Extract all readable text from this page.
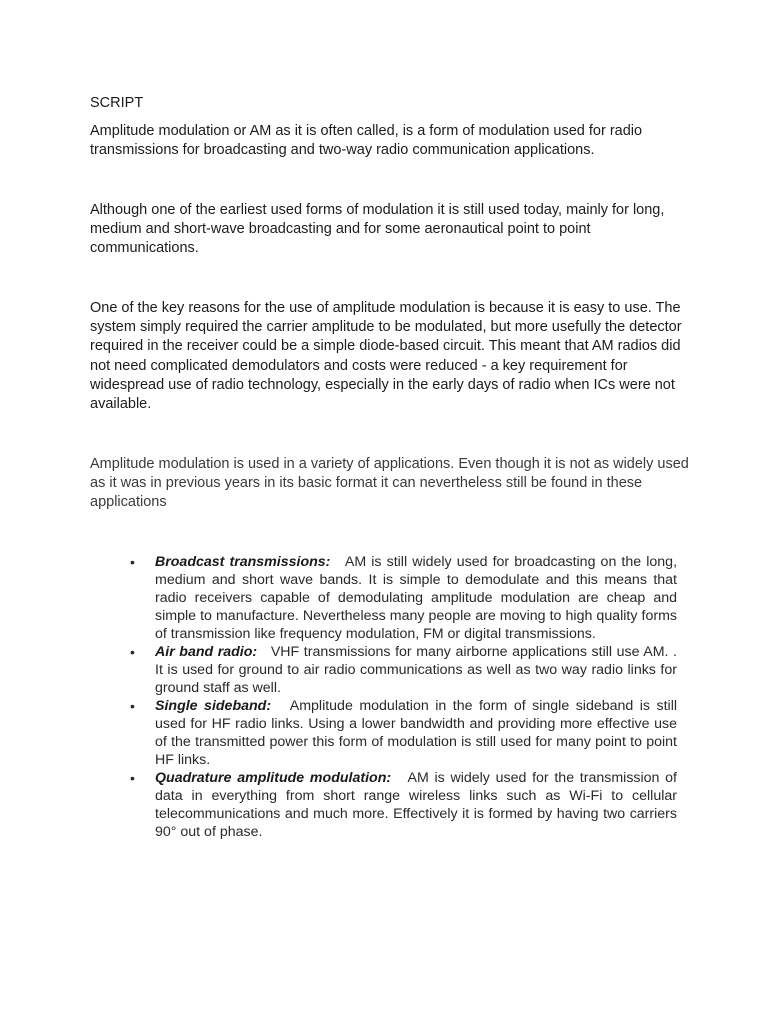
SCRIPT

Amplitude modulation or AM as it is often called, is a form of modulation used for radio transmissions for broadcasting and two-way radio communication applications.

Although one of the earliest used forms of modulation it is still used today, mainly for long, medium and short-wave broadcasting and for some aeronautical point to point communications.

One of the key reasons for the use of amplitude modulation is because it is easy to use. The system simply required the carrier amplitude to be modulated, but more usefully the detector required in the receiver could be a simple diode-based circuit. This meant that AM radios did not need complicated demodulators and costs were reduced - a key requirement for widespread use of radio technology, especially in the early days of radio when ICs were not available.

Amplitude modulation is used in a variety of applications. Even though it is not as widely used as it was in previous years in its basic format it can nevertheless still be found in these applications

• Broadcast transmissions: AM is still widely used for broadcasting on the long, medium and short wave bands. It is simple to demodulate and this means that radio receivers capable of demodulating amplitude modulation are cheap and simple to manufacture. Nevertheless many people are moving to high quality forms of transmission like frequency modulation, FM or digital transmissions.
• Air band radio: VHF transmissions for many airborne applications still use AM. . It is used for ground to air radio communications as well as two way radio links for ground staff as well.
• Single sideband: Amplitude modulation in the form of single sideband is still used for HF radio links. Using a lower bandwidth and providing more effective use of the transmitted power this form of modulation is still used for many point to point HF links.
• Quadrature amplitude modulation: AM is widely used for the transmission of data in everything from short range wireless links such as Wi-Fi to cellular telecommunications and much more. Effectively it is formed by having two carriers 90° out of phase.
